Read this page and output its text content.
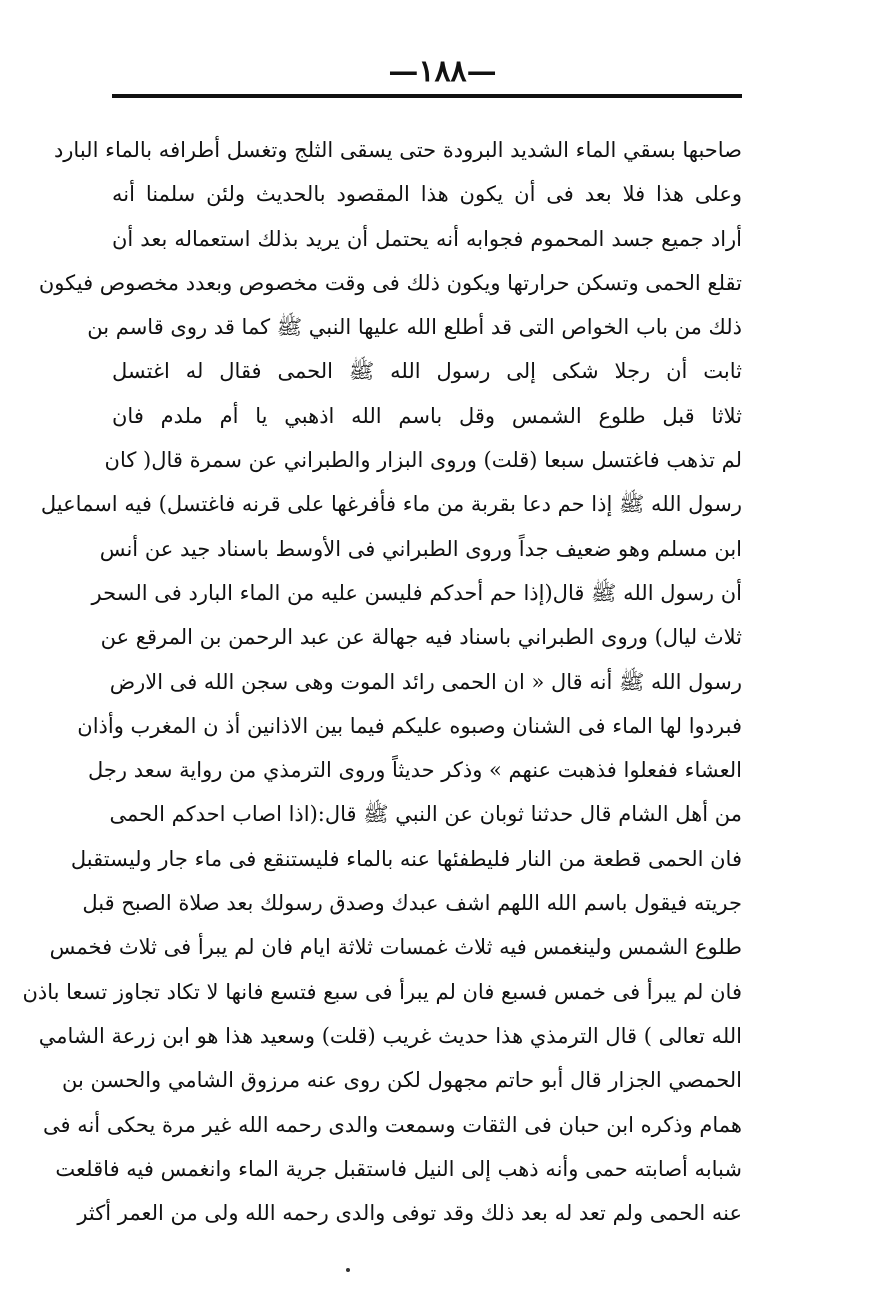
—١٨٨—
صاحبها بسقي الماء الشديد البرودة حتى يسقى الثلج وتغسل أطرافه بالماء البارد
وعلى هذا فلا بعد فى أن يكون هذا المقصود بالحديث ولئن سلمنا أنه
أراد جميع جسد المحموم فجوابه أنه يحتمل أن يريد بذلك استعماله بعد أن
تقلع الحمى وتسكن حرارتها ويكون ذلك فى وقت مخصوص وبعدد مخصوص فيكون
ذلك من باب الخواص التى قد أطلع الله عليها النبي ﷺ كما قد روى قاسم بن
ثابت أن رجلا شكى إلى رسول الله ﷺ الحمى فقال له اغتسل
ثلاثا قبل طلوع الشمس وقل باسم الله اذهبي يا أم ملدم فان
لم تذهب فاغتسل سبعا (قلت) وروى البزار والطبراني عن سمرة قال( كان
رسول الله ﷺ إذا حم دعا بقربة من ماء فأفرغها على قرنه فاغتسل) فيه اسماعيل
ابن مسلم وهو ضعيف جداً وروى الطبراني فى الأوسط باسناد جيد عن أنس
أن رسول الله ﷺ قال(إذا حم أحدكم فليسن عليه من الماء البارد فى السحر
ثلاث ليال) وروى الطبراني باسناد فيه جهالة عن عبد الرحمن بن المرقع عن
رسول الله ﷺ أنه قال « ان الحمى رائد الموت وهى سجن الله فى الارض
فبردوا لها الماء فى الشنان وصبوه عليكم فيما بين الاذانين أذ ن المغرب وأذان
العشاء ففعلوا فذهبت عنهم » وذكر حديثاً وروى الترمذي من رواية سعد رجل
من أهل الشام قال حدثنا ثوبان عن النبي ﷺ قال:(اذا اصاب احدكم الحمى
فان الحمى قطعة من النار فليطفئها عنه بالماء فليستنقع فى ماء جار وليستقبل
جريته فيقول باسم الله اللهم اشف عبدك وصدق رسولك بعد صلاة الصبح قبل
طلوع الشمس ولينغمس فيه ثلاث غمسات ثلاثة ايام فان لم يبرأ فى ثلاث فخمس
فان لم يبرأ فى خمس فسبع فان لم يبرأ فى سبع فتسع فانها لا تكاد تجاوز تسعا باذن
الله تعالى ) قال الترمذي هذا حديث غريب (قلت) وسعيد هذا هو ابن زرعة الشامي
الحمصي الجزار قال أبو حاتم مجهول لكن روى عنه مرزوق الشامي والحسن بن
همام وذكره ابن حبان فى الثقات وسمعت والدى رحمه الله غير مرة يحكى أنه فى
شبابه أصابته حمى وأنه ذهب إلى النيل فاستقبل جرية الماء وانغمس فيه فاقلعت
عنه الحمى ولم تعد له بعد ذلك وقد توفى والدى رحمه الله ولى من العمر أكثر
